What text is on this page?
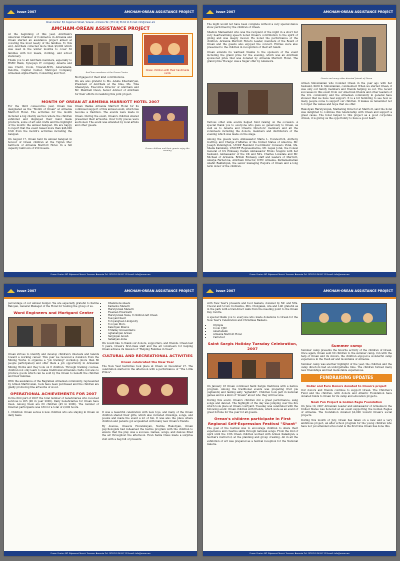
Issue 2007	AMCHAM-OREAN ASSISTANCE PROJECT
Orean Center: 8/1 Kajaznuni Street, Yerevan, Armenia Tel: (374 10) 56 62 11 E-mail: info@orean.am
AMCHAM-OREAN ASSISTANCE PROJECT

At the beginning of this year, AmCham's American Chamber of Commerce in Armenia and Orean started an assistance project aimed at covering the most needy of the families. To this end, AmCham collected more than $3,000 which was used in the winter months to cover 30 families with hot meals, clothing, and school stationery.

Thank you to all AmCham members, especially to HSBC Bank, Synopsys IT company, Ameria and Asa Credit, Ucom, Vivacell-MTS, Ameriabank, Deloitte, Capital Center, Metropol Company, Armenian Alpha Pharm, Consulting and Tour.	AmCham members at the Orean Center

Mortgages for their kind contributions.

We are also grateful to Ms. Adelle Khachatryan, President of AmCham at the time, Ms. Tina Ghazaryan, Executive Director of AmCham and Mr. Manthell Owen, Senior Advisor of AmCham for their efforts in realizing this joint project.

Orean children with their handmade cards
MONTH OF OREAN AT ARMENIA MARRIOTT HOTEL 2007

For the third consecutive year, Orean has designated as the "Month of Orean" at Armenia Marriott Hotel. The activities for the month included a big charity auction where the children exhibited and displayed their hand made products, some of art and crafts and the highlight of the month: the annual banquet. We are happy to report that the event raised more than $46,000 USD from the month's activities including the banquet.

On August 17, Orean held its annual banquet in honour of Orean children at the Tigran Mec ballroom of Armenia Marriott Hotel. In a full capacity ballroom of 250 Guests.

Orean thanks Armenia Marriott Hotel for its continued support of this annual event, which has become a tradition. The events were made in Orean. During the event, Orean's children shared presented their artworks. Over forty pieces were auctioned. The event was attended by local artists and other guests.

Orean children and their guests enjoy the evening
Orean Center: 8/1 Kajaznuni Street, Yerevan, Armenia Tel: (374 10) 56 62 11 E-mail: info@orean.am
Issue 2007	AMCHAM-OREAN ASSISTANCE PROJECT

The night would not have been complete without a very special dance show performed by the children of Orean.

Shallow Mainesfield who was the recipient of the night in a short but very heartwarming speech noted Orean's contribution to the spirit of giving and was deeply moved. He noted the performance of the children. Armenia Marriott Hotel's Leader, members of the Board of Orean and the guests also enjoyed the concert. Entries were also presented to the children in recognition of their art talent.

Orean extends its warmest thanks to the sponsors of the event including the grand prize for the evening, which was an AmCham sponsored prize that was donated by Armenia Marriott Hotel. The grand prize 'Bocage' was a Sugar offer by Amateurs.

Guests and many other devoted friends of Orean

Various other side events helped fund raising on the occasion. A special thank you to everyone who gave so generously to Orean, as well as to Ameria and Orean's Directors' members and all the volunteers including the donors, members and distributors of the evening which was made on the stage.

Among the guests were Ambassador Marie L. Yovanovitch, Anthony Godfrey, and Charge d'Affaires of the United States of America, Mr. Joseph Pennington, UNDP Resident Coordinator Consuelo Vidal, Ms. Sheila Kaminsky, UNICEF Representative, Mr. Layan Jorat, the Consul General of US Embassy, Italian Ambassador Bruno Scapini with her husband, Ambassador of the UK and Mrs. Charles Lonsdale and Mr. Michael of Armenia. British Embassy staff and leaders of Marriott, Amalya Farberova, AmCham Director, ICRC Armenia, Parliamentarian Anahit Bakhshyan, the senior managing Esquire of Orean and a long term donor of the children.

Armen Simonianian who founded Orean in the year ago with her husband, Kirill K. Simonianian, commented: When we started Orean, it was only our family members and friends helping us out. The recent successes in this event from our American friends and other leaders of the U.S. community and the Armenian community in general have showed that we have real support. It is a bit humbling to see how so many people come to support our children. It makes us remember not to forget the values and hope that we offer.

Hakobyan Harutyunyan, Marketing Director at Marriott, said the hotel was delighted to continue this relationship with Orean and support a great cause. The hotel helped to this project as a good corporate citizen, it is giving us the opportunity to have a good heart.

Orean Center: 8/1 Kajaznuni Street, Yerevan, Armenia Tel: (374 10) 56 62 11 E-mail: info@orean.am
Issue 2007	AMCHAM-OREAN ASSISTANCE PROJECT

percentage of our annual budget. We are especially grateful to Karine Baloyan, General Manager of the Hotel for hosting the group of us.

Word Engineers and Mortgard Center

Orean strives to identify and develop children's interests and talents toward a working career. This year we received a donation from the Mining Works to organize a "job training" workshop (more than 80 people participated) and offer them a job opportunity in Armenian Mining Works and they took on 8 children. Through training courses, children not only learn to make traditional Armenian crafts, but also to produce goods which can be sold by the Orean to benefit the children and their families.

With the assistance of the Bagratian Armenian community, represented by Armen Martirosian, tools have been purchased and the children are gladly producing fine artworks of wood.

OPERATIONAL ACHIEVEMENTS FOR 2007

In the first part of 2007 the total number of beneficiaries who received services is 205 (90 in year 2006). Daily beneficiaries for Orean have risen. Among them are 60 children (45 in 2006). The number of Internet participants was 180 for a total of 2,000 hours.

1. Children: Orean serves 4 new children who are staying in Orean on daily basis.

• Dhammons sheets
• Kaibaitos Manetti
• Harutyunian Manetti
• Fleemen Eivermetti
• Harutyunian Nane, 8 children left Orean
• Tesoyant Kaori
• Toroyangtsen Lindgevity
• Tocoyan Muro
• Kakohyan Kharos
• 8 Mallay Grevenitian's
• Aghababyan Armen
• Sargisyan Anush
• Sahakyan Anna

We would like to thank our donors, supporters, and friends. Orean last 3 years, Orean's first-class staff and the all volunteers for helping Orean achieve its mission of "Helping Families in Need".

CULTURAL AND RECREATIONAL ACTIVITIES
Orean celebrated the New Year

The New Year festivities took place at Orean on December 27. The celebration started in the afternoon with a performance of "The Little Prince".

It was a beautiful celebration with new toys, and many of the Orean children shared their gifts, which also included drawings, songs, and poems and made the event a lot of fun. It was also the place where children and parents got acquainted with many new Orean's friends.

By Avenue, Onescis Hovannisyan, Narine Hakobyan, Orean psychologists had rehearsed the festive program with the children to ensure that the play was a success. Games, songs, and dances filled the air throughout the afternoon. Even Santa Claus made a surprise visit with a bag full of presents.

Orean Center: 8/1 Kajaznuni Street, Yerevan, Armenia Tel: (374 10) 56 62 11 E-mail: info@orean.am
Issue 2007	AMCHAM-OREAN ASSISTANCE PROJECT

with New Year's presents and food baskets, donated by Mr. and Mrs. Cnoval and Ucom Cochaidze, Mrs. Cholgaian, Ara and Lilit grateful as in the park with a trail-direct walk from the meeting point to the Orean Day Centre.

A special thank you to everyone who made donations to Orean for the New Year's Celebration and Christmas Baskets.

• Olympia
• Ucom CJSC
• Ameriabank
• Armenia Marriott Hotel
• Carrefour
Saint Sargis Holiday Tuesday Celebration, 2007

On January 18 Orean continued Saint Sargis traditions with a festive program. Among the traditional events was preparing fruit pie (Aghandz) and tasting salty "aghabliit". Children took part in national games and in a kind of "dream" about who they will become.

During this event, Orean's children did a great performance, sang songs and danced. The highlight of the day was jumping over the fire which took place at Orean courtyard. Tuesday was celebrated with the following event: Orean children with friends, which were as an event of great fortune for the year for all guests.

Orean's children participate in First Regional Self-Expression Festival "Shant"

The goal of the festival was to encourage children to share their experience and creative skills through national songs. From the 2nd of April until the 13th Orean children worked with Armen Kalashyan, a festival's instructor, at the planning and group creating. All in all the exhibition of art was prepared as a festival reception for the National Galerie.

Summer camp

Summer camp presents the favorite activity of the children of Orean. Once again, Orean sent 60 children to the summer camp, run with the help of Orean and its donors, the children enjoyed a wonderful camp experience in the fresh air and mountains of Armenia.

Summer camp was another highlight of the year, the children and the camp directors had an unforgettable time. The children formed many new friendships and had memorable experiences.

FUNDRAISING UPDATES
Dollar and Euro Donors donated to Orean's project

Our donors and friends continue to support Orean. The Children's Fund and the children, with donors and Atlantic Foundation have donated funds to Orean for its camp and education projects.

Noah Fun Project & Golden Eagle Foundation

On June 10, 2007 Armenian Leader and ambassador of Armenia in the United States was honored at an event supporting the Golden Eagles of Armenia. The foundation donated $2,000 toward Orean's social projects.

During this month of July, Orean has taken on a new and a very ambitious project, an after school program for the young children who have not yet attended school and is the first time Orean has done this.

Orean Center: 8/1 Kajaznuni Street, Yerevan, Armenia Tel: (374 10) 56 62 11 E-mail: info@orean.am
